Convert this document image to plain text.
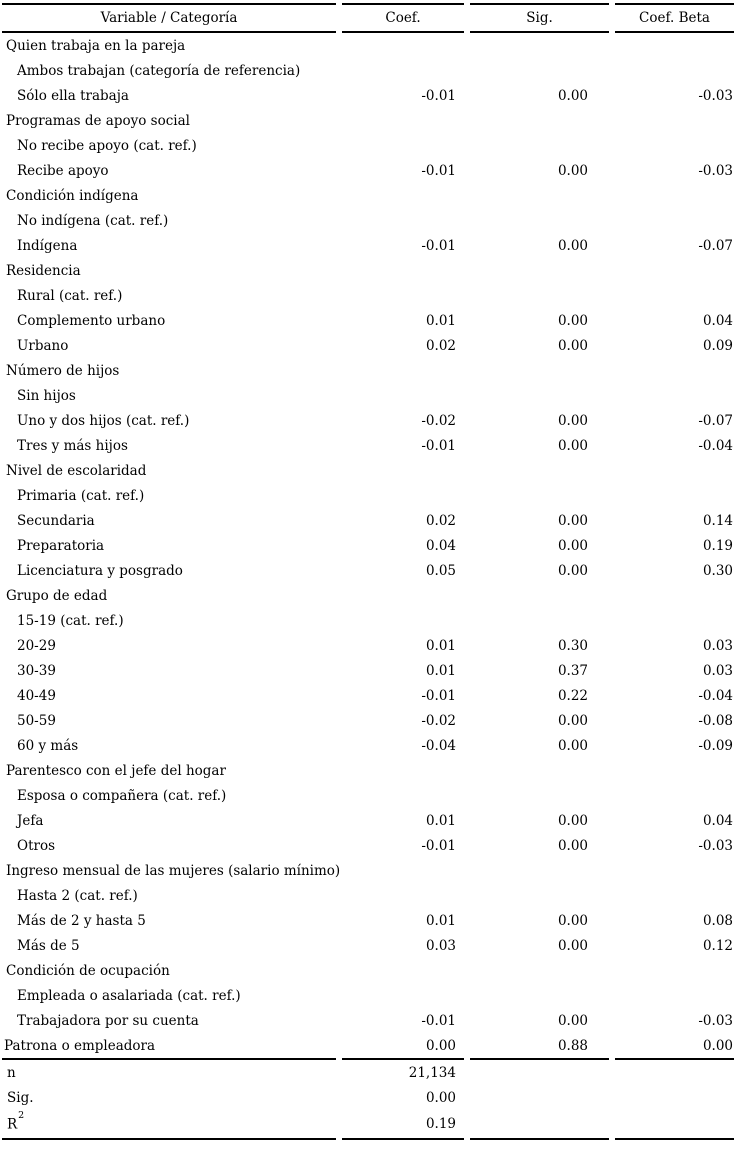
Variable / Categoría	Coef.	Sig.	Coef. Beta
Quien trabaja en la pareja			
Ambos trabajan (categoría de referencia)			
Sólo ella trabaja	-0.01	0.00	-0.03
Programas de apoyo social			
No recibe apoyo (cat. ref.)			
Recibe apoyo	-0.01	0.00	-0.03
Condición indígena			
No indígena (cat. ref.)			
Indígena	-0.01	0.00	-0.07
Residencia			
Rural (cat. ref.)			
Complemento urbano	0.01	0.00	0.04
Urbano	0.02	0.00	0.09
Número de hijos			
Sin hijos			
Uno y dos hijos (cat. ref.)	-0.02	0.00	-0.07
Tres y más hijos	-0.01	0.00	-0.04
Nivel de escolaridad			
Primaria (cat. ref.)			
Secundaria	0.02	0.00	0.14
Preparatoria	0.04	0.00	0.19
Licenciatura y posgrado	0.05	0.00	0.30
Grupo de edad			
15-19 (cat. ref.)			
20-29	0.01	0.30	0.03
30-39	0.01	0.37	0.03
40-49	-0.01	0.22	-0.04
50-59	-0.02	0.00	-0.08
60 y más	-0.04	0.00	-0.09
Parentesco con el jefe del hogar			
Esposa o compañera (cat. ref.)			
Jefa	0.01	0.00	0.04
Otros	-0.01	0.00	-0.03
Ingreso mensual de las mujeres (salario mínimo)			
Hasta 2 (cat. ref.)			
Más de 2 y hasta 5	0.01	0.00	0.08
Más de 5	0.03	0.00	0.12
Condición de ocupación			
Empleada o asalariada (cat. ref.)			
Trabajadora por su cuenta	-0.01	0.00	-0.03
Patrona o empleadora	0.00	0.88	0.00
n	21,134		
Sig.	0.00		
$R^2$	0.19		
